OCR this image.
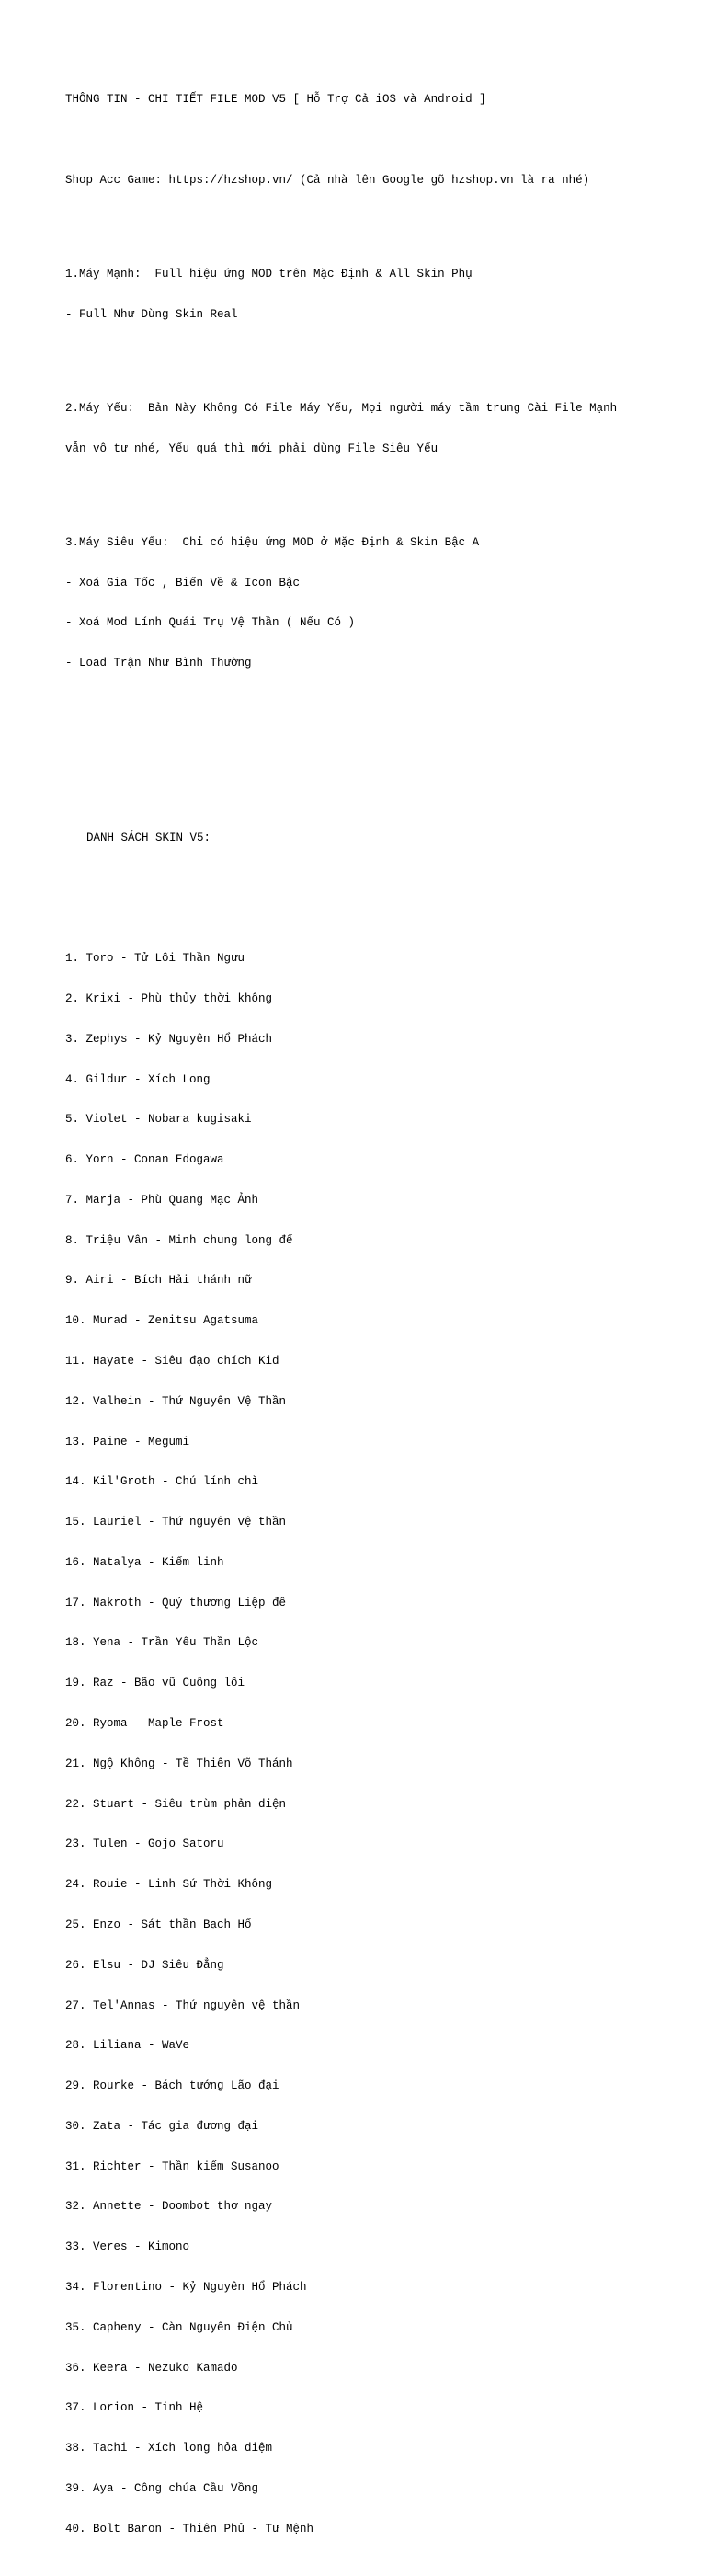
THÔNG TIN - CHI TIẾT FILE MOD V5 [ Hỗ Trợ Cả iOS và Android ]

Shop Acc Game: https://hzshop.vn/ (Cả nhà lên Google gõ hzshop.vn là ra nhé)

1.Máy Mạnh:  Full hiệu ứng MOD trên Mặc Định & All Skin Phụ

- Full Như Dùng Skin Real

2.Máy Yếu:  Bản Này Không Có File Máy Yếu, Mọi người máy tầm trung Cài File Mạnh

vẫn vô tư nhé, Yếu quá thì mới phải dùng File Siêu Yếu

3.Máy Siêu Yếu:  Chỉ có hiệu ứng MOD ở Mặc Định & Skin Bậc A

- Xoá Gia Tốc , Biến Về & Icon Bậc

- Xoá Mod Lính Quái Trụ Vệ Thần ( Nếu Có )

- Load Trận Như Bình Thường

DANH SÁCH SKIN V5:

1. Toro - Tử Lôi Thần Ngưu

2. Krixi - Phù thủy thời không

3. Zephys - Kỷ Nguyên Hổ Phách

4. Gildur - Xích Long

5. Violet - Nobara kugisaki

6. Yorn - Conan Edogawa

7. Marja - Phù Quang Mạc Ảnh

8. Triệu Vân - Minh chung long đế

9. Airi - Bích Hải thánh nữ

10. Murad - Zenitsu Agatsuma

11. Hayate - Siêu đạo chích Kid

12. Valhein - Thứ Nguyên Vệ Thần

13. Paine - Megumi

14. Kil'Groth - Chú lính chì

15. Lauriel - Thứ nguyên vệ thần

16. Natalya - Kiếm linh

17. Nakroth - Quỷ thương Liệp đế

18. Yena - Trần Yêu Thần Lộc

19. Raz - Bão vũ Cuồng lôi

20. Ryoma - Maple Frost

21. Ngộ Không - Tề Thiên Võ Thánh

22. Stuart - Siêu trùm phản diện

23. Tulen - Gojo Satoru

24. Rouie - Linh Sứ Thời Không

25. Enzo - Sát thần Bạch Hổ

26. Elsu - DJ Siêu Đẳng

27. Tel'Annas - Thứ nguyên vệ thần

28. Liliana - WaVe

29. Rourke - Bách tướng Lão đại

30. Zata - Tác gia đương đại

31. Richter - Thần kiếm Susanoo

32. Annette - Doombot thơ ngay

33. Veres - Kimono

34. Florentino - Kỷ Nguyên Hổ Phách

35. Capheny - Càn Nguyên Điện Chủ

36. Keera - Nezuko Kamado

37. Lorion - Tinh Hệ

38. Tachi - Xích long hỏa diệm

39. Aya - Công chúa Cầu Vồng

40. Bolt Baron - Thiên Phủ - Tư Mệnh
